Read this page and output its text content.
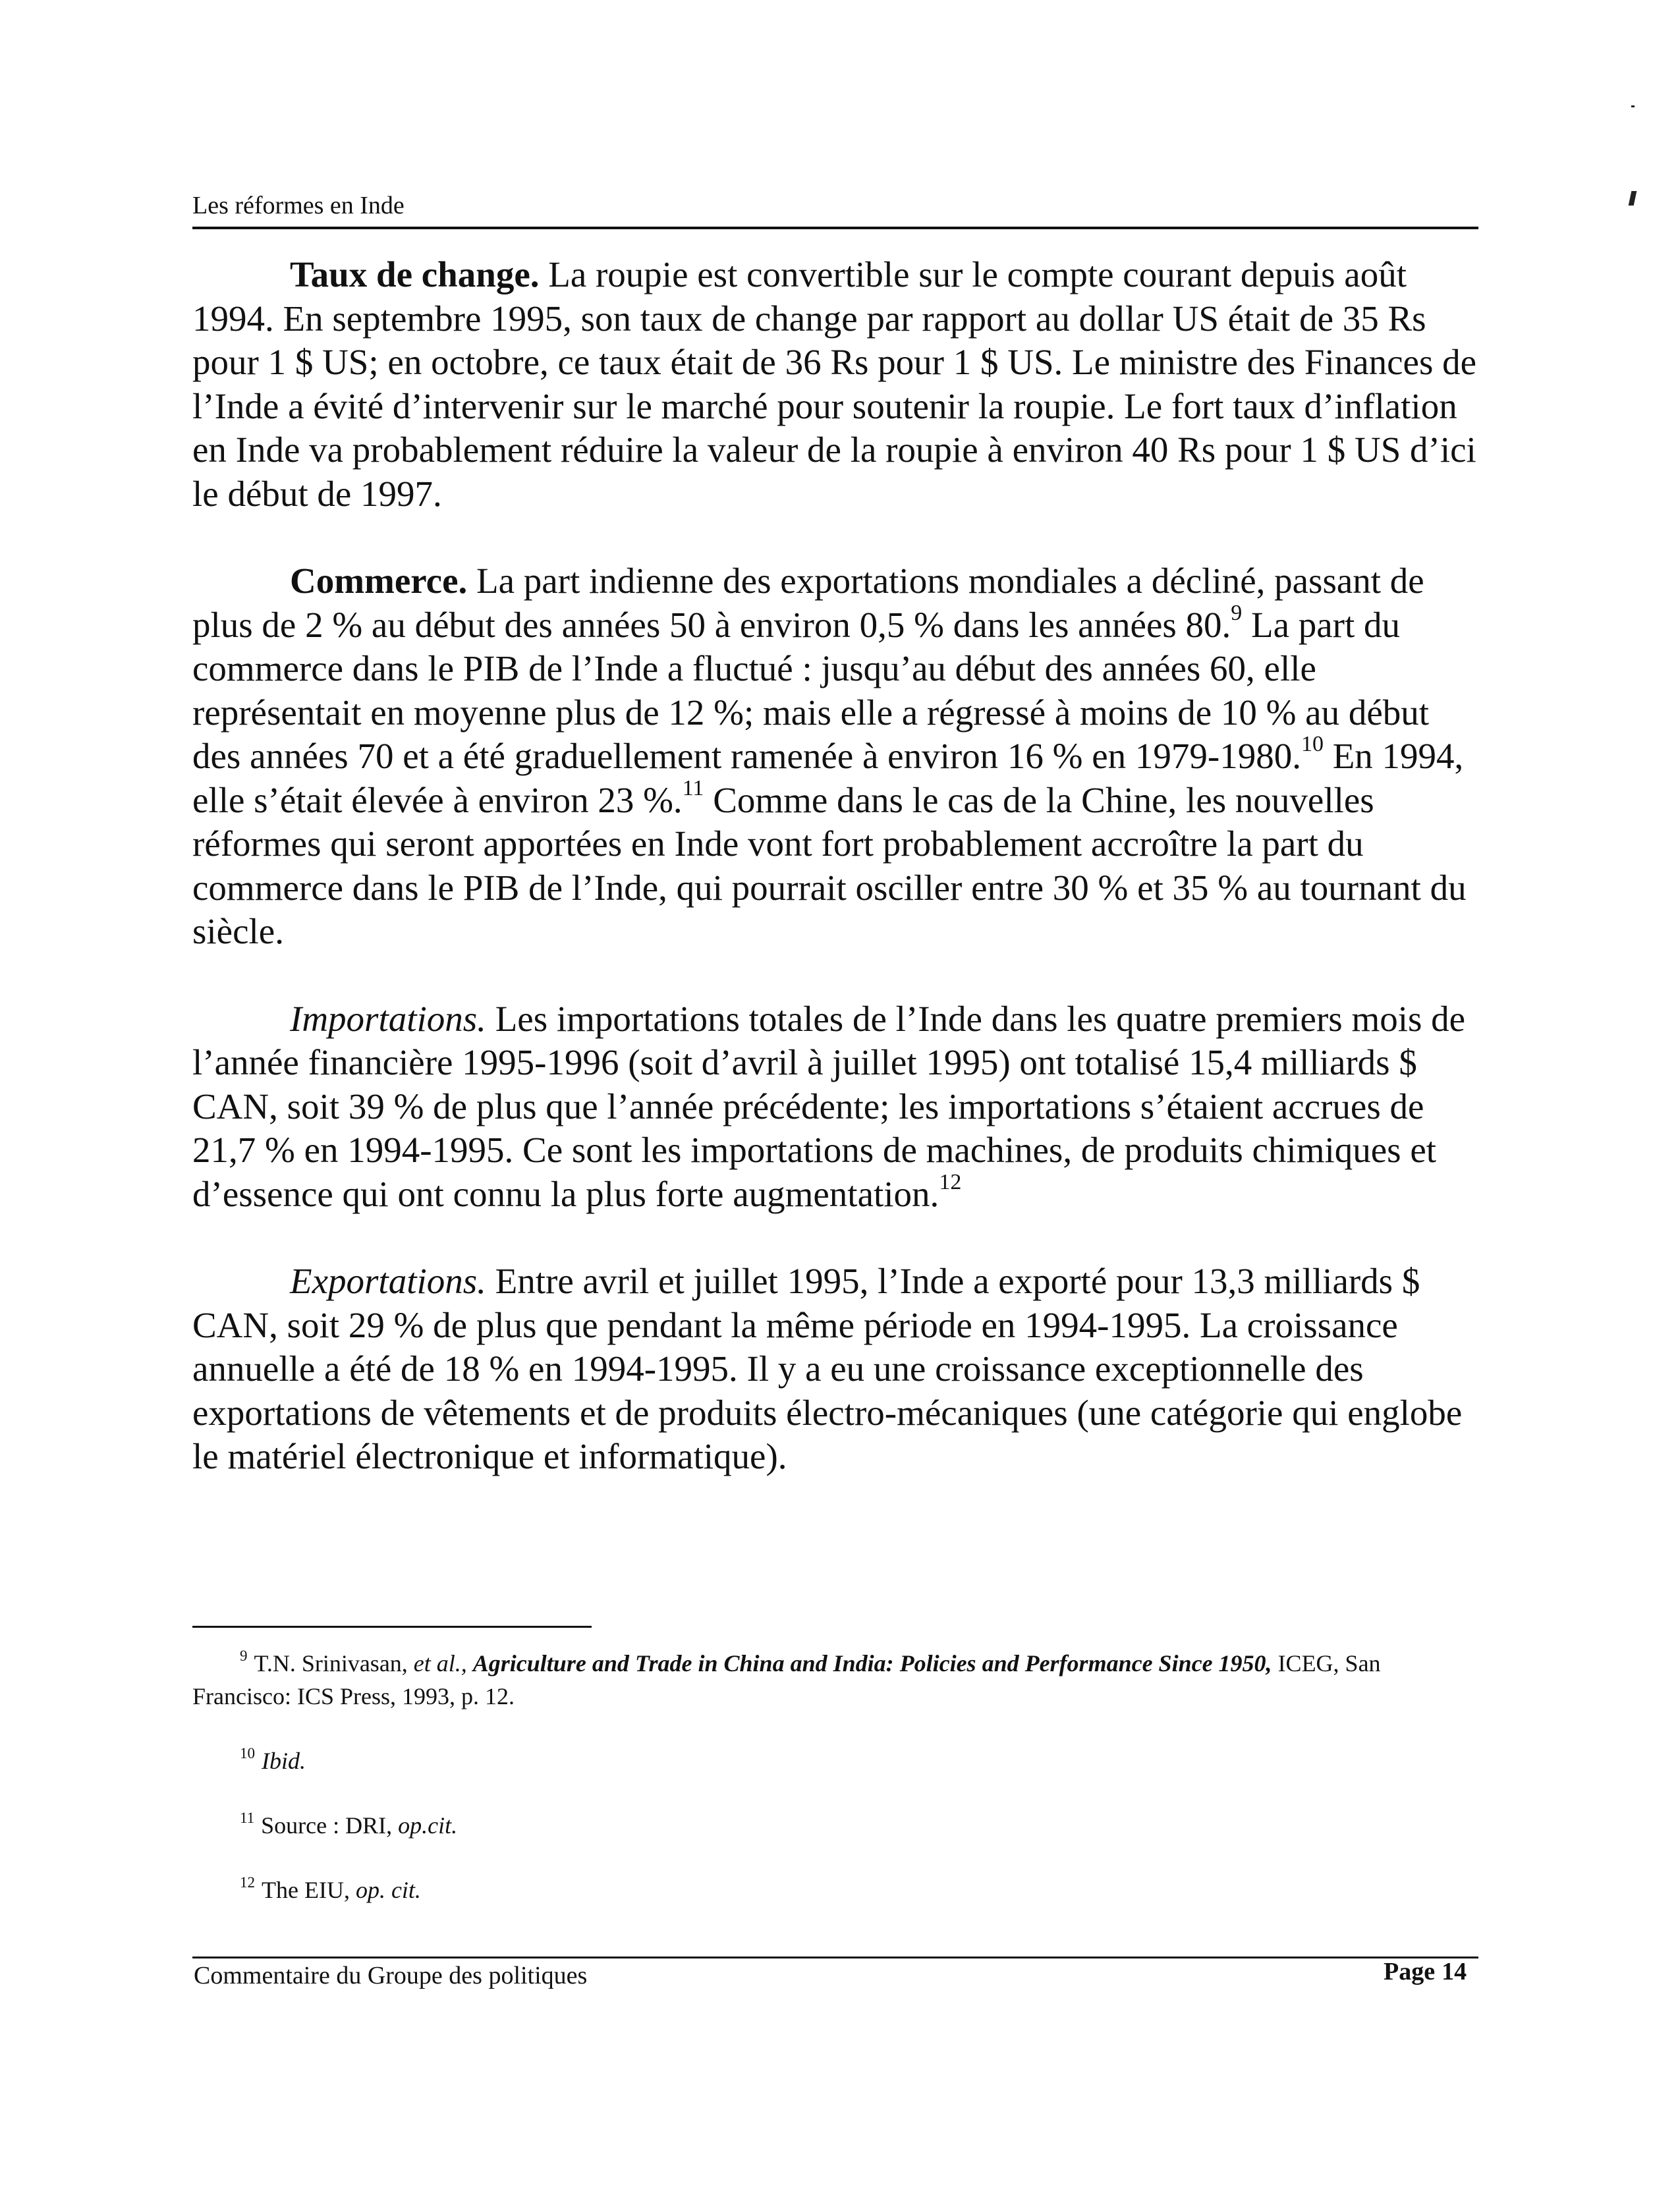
Les réformes en Inde

Taux de change. La roupie est convertible sur le compte courant depuis août 1994. En septembre 1995, son taux de change par rapport au dollar US était de 35 Rs pour 1 $ US; en octobre, ce taux était de 36 Rs pour 1 $ US. Le ministre des Finances de l’Inde a évité d’intervenir sur le marché pour soutenir la roupie. Le fort taux d’inflation en Inde va probablement réduire la valeur de la roupie à environ 40 Rs pour 1 $ US d’ici le début de 1997.

Commerce. La part indienne des exportations mondiales a décliné, passant de plus de 2 % au début des années 50 à environ 0,5 % dans les années 80.$^9$ La part du commerce dans le PIB de l’Inde a fluctué : jusqu’au début des années 60, elle représentait en moyenne plus de 12 %; mais elle a régressé à moins de 10 % au début des années 70 et a été graduellement ramenée à environ 16 % en 1979-1980.10 En 1994, elle s’était élevée à environ 23 %.$^{11}$ Comme dans le cas de la Chine, les nouvelles réformes qui seront apportées en Inde vont fort probablement accroître la part du commerce dans le PIB de l’Inde, qui pourrait osciller entre 30 % et 35 % au tournant du siècle.

Importations. Les importations totales de l’Inde dans les quatre premiers mois de l’année financière 1995-1996 (soit d’avril à juillet 1995) ont totalisé 15,4 milliards $ CAN, soit 39 % de plus que l’année précédente; les importations s’étaient accrues de 21,7 % en 1994-1995. Ce sont les importations de machines, de produits chimiques et d’essence qui ont connu la plus forte augmentation.$^{12}$

Exportations. Entre avril et juillet 1995, l’Inde a exporté pour 13,3 milliards $ CAN, soit 29 % de plus que pendant la même période en 1994-1995. La croissance annuelle a été de 18 % en 1994-1995. Il y a eu une croissance exceptionnelle des exportations de vêtements et de produits électro-mécaniques (une catégorie qui englobe le matériel électronique et informatique).

$^9$ T.N. Srinivasan, et al., Agriculture and Trade in China and India: Policies and Performance Since 1950, ICEG, San Francisco: ICS Press, 1993, p. 12.

$^{10}$ Ibid.

$^{11}$ Source : DRI, op.cit.

$^{12}$ The EIU, op. cit.

Commentaire du Groupe des politiques	Page 14
